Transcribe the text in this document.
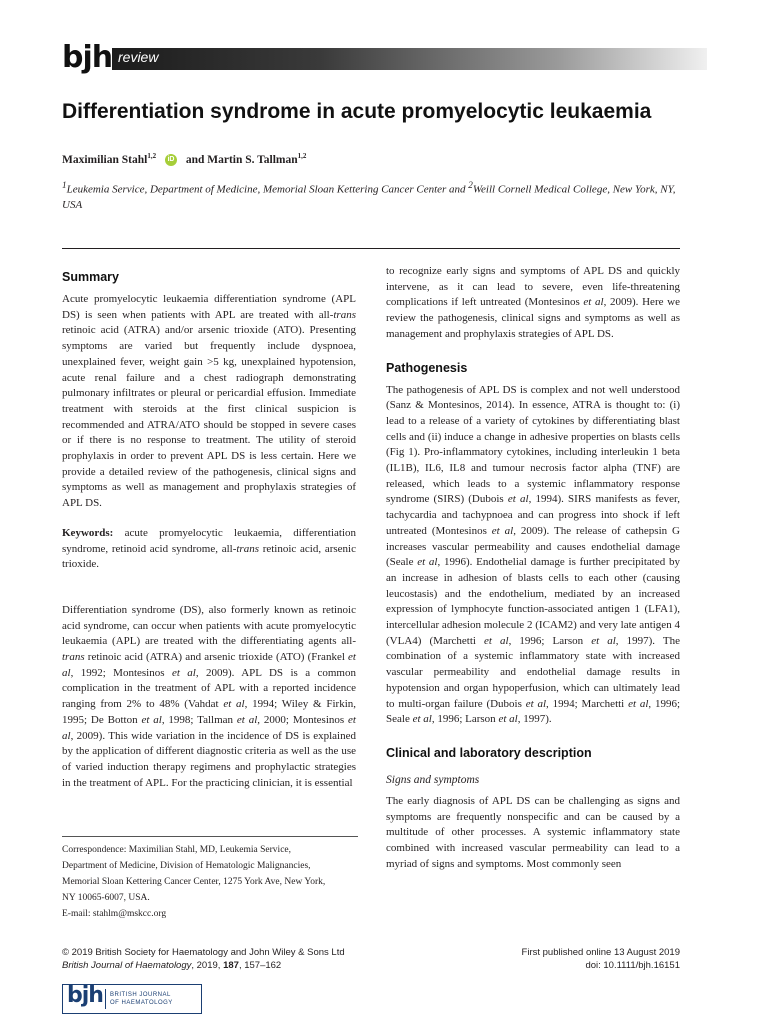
bjh review
Differentiation syndrome in acute promyelocytic leukaemia
Maximilian Stahl$^{1,2}$ iD and Martin S. Tallman$^{1,2}$
$^1$Leukemia Service, Department of Medicine, Memorial Sloan Kettering Cancer Center and $^2$Weill Cornell Medical College, New York, NY, USA
Summary
Acute promyelocytic leukaemia differentiation syndrome (APL DS) is seen when patients with APL are treated with all-trans retinoic acid (ATRA) and/or arsenic trioxide (ATO). Presenting symptoms are varied but frequently include dyspnoea, unexplained fever, weight gain >5 kg, unexplained hypotension, acute renal failure and a chest radiograph demonstrating pulmonary infiltrates or pleural or pericardial effusion. Immediate treatment with steroids at the first clinical suspicion is recommended and ATRA/ATO should be stopped in severe cases or if there is no response to treatment. The utility of steroid prophylaxis in order to prevent APL DS is less certain. Here we provide a detailed review of the pathogenesis, clinical signs and symptoms as well as management and prophylaxis strategies of APL DS.
Keywords: acute promyelocytic leukaemia, differentiation syndrome, retinoid acid syndrome, all-trans retinoic acid, arsenic trioxide.
Differentiation syndrome (DS), also formerly known as retinoic acid syndrome, can occur when patients with acute promyelocytic leukaemia (APL) are treated with the differentiating agents all-trans retinoic acid (ATRA) and arsenic trioxide (ATO) (Frankel et al, 1992; Montesinos et al, 2009). APL DS is a common complication in the treatment of APL with a reported incidence ranging from 2% to 48% (Vahdat et al, 1994; Wiley & Firkin, 1995; De Botton et al, 1998; Tallman et al, 2000; Montesinos et al, 2009). This wide variation in the incidence of DS is explained by the application of different diagnostic criteria as well as the use of varied induction therapy regimens and prophylactic strategies in the treatment of APL. For the practicing clinician, it is essential
Correspondence: Maximilian Stahl, MD, Leukemia Service,
Department of Medicine, Division of Hematologic Malignancies,
Memorial Sloan Kettering Cancer Center, 1275 York Ave, New York,
NY 10065-6007, USA.
E-mail: stahlm@mskcc.org
to recognize early signs and symptoms of APL DS and quickly intervene, as it can lead to severe, even life-threatening complications if left untreated (Montesinos et al, 2009). Here we review the pathogenesis, clinical signs and symptoms as well as management and prophylaxis strategies of APL DS.
Pathogenesis
The pathogenesis of APL DS is complex and not well understood (Sanz & Montesinos, 2014). In essence, ATRA is thought to: (i) lead to a release of a variety of cytokines by differentiating blast cells and (ii) induce a change in adhesive properties on blasts cells (Fig 1). Pro-inflammatory cytokines, including interleukin 1 beta (IL1B), IL6, IL8 and tumour necrosis factor alpha (TNF) are released, which leads to a systemic inflammatory response syndrome (SIRS) (Dubois et al, 1994). SIRS manifests as fever, tachycardia and tachypnoea and can progress into shock if left untreated (Montesinos et al, 2009). The release of cathepsin G increases vascular permeability and causes endothelial damage (Seale et al, 1996). Endothelial damage is further precipitated by an increase in adhesion of blasts cells to each other (causing leucostasis) and the endothelium, mediated by an increased expression of lymphocyte function-associated antigen 1 (LFA1), intercellular adhesion molecule 2 (ICAM2) and very late antigen 4 (VLA4) (Marchetti et al, 1996; Larson et al, 1997). The combination of a systemic inflammatory state with increased vascular permeability and endothelial damage results in hypotension and organ hypoperfusion, which can ultimately lead to multi-organ failure (Dubois et al, 1994; Marchetti et al, 1996; Seale et al, 1996; Larson et al, 1997).
Clinical and laboratory description
Signs and symptoms
The early diagnosis of APL DS can be challenging as signs and symptoms are frequently nonspecific and can be caused by a multitude of other processes. A systemic inflammatory state combined with increased vascular permeability can lead to a myriad of signs and symptoms. Most commonly seen
© 2019 British Society for Haematology and John Wiley & Sons Ltd
British Journal of Haematology, 2019, 187, 157–162
First published online 13 August 2019
doi: 10.1111/bjh.16151
bjh BRITISH JOURNAL
OF HAEMATOLOGY
